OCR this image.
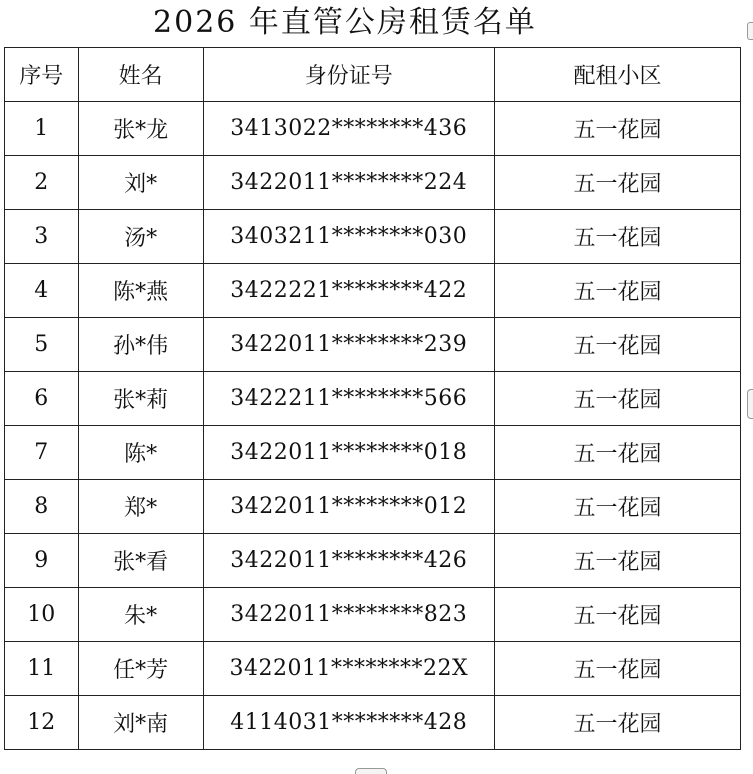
2026 年直管公房租赁名单
序号	姓名	身份证号	配租小区
1	张*龙	3413022********436	五一花园
2	刘*	3422011********224	五一花园
3	汤*	3403211********030	五一花园
4	陈*燕	3422221********422	五一花园
5	孙*伟	3422011********239	五一花园
6	张*莉	3422211********566	五一花园
7	陈*	3422011********018	五一花园
8	郑*	3422011********012	五一花园
9	张*看	3422011********426	五一花园
10	朱*	3422011********823	五一花园
11	任*芳	3422011********22X	五一花园
12	刘*南	4114031********428	五一花园
